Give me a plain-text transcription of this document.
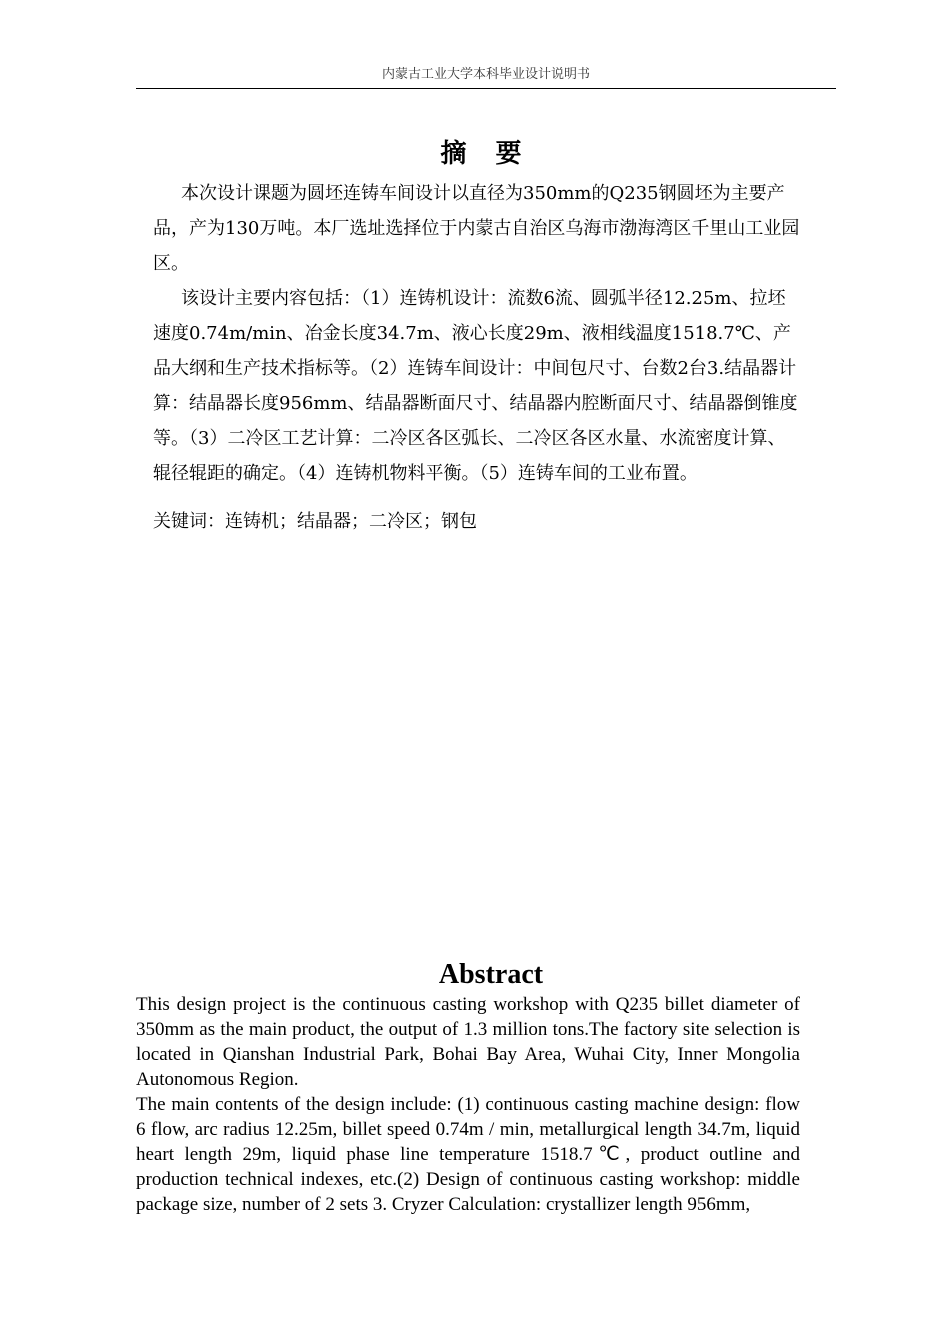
内蒙古工业大学本科毕业设计说明书
摘 要

本次设计课题为圆坯连铸车间设计以直径为350mm的Q235钢圆坯为主要产品，产为130万吨。本厂选址选择位于内蒙古自治区乌海市渤海湾区千里山工业园区。

该设计主要内容包括：（1）连铸机设计：流数6流、圆弧半径12.25m、拉坯速度0.74m/min、冶金长度34.7m、液心长度29m、液相线温度1518.7℃、产品大纲和生产技术指标等。（2）连铸车间设计：中间包尺寸、台数2台3.结晶器计算：结晶器长度956mm、结晶器断面尺寸、结晶器内腔断面尺寸、结晶器倒锥度等。（3）二冷区工艺计算：二冷区各区弧长、二冷区各区水量、水流密度计算、辊径辊距的确定。（4）连铸机物料平衡。（5）连铸车间的工业布置。

关键词：连铸机；结晶器；二冷区；钢包

Abstract

This design project is the continuous casting workshop with Q235 billet diameter of 350mm as the main product, the output of 1.3 million tons.The factory site selection is located in Qianshan Industrial Park, Bohai Bay Area, Wuhai City, Inner Mongolia Autonomous Region.

The main contents of the design include: (1) continuous casting machine design: flow 6 flow, arc radius 12.25m, billet speed 0.74m / min, metallurgical length 34.7m, liquid heart length 29m, liquid phase line temperature 1518.7℃, product outline and production technical indexes, etc.(2) Design of continuous casting workshop: middle package size, number of 2 sets 3. Cryzer Calculation: crystallizer length 956mm,
